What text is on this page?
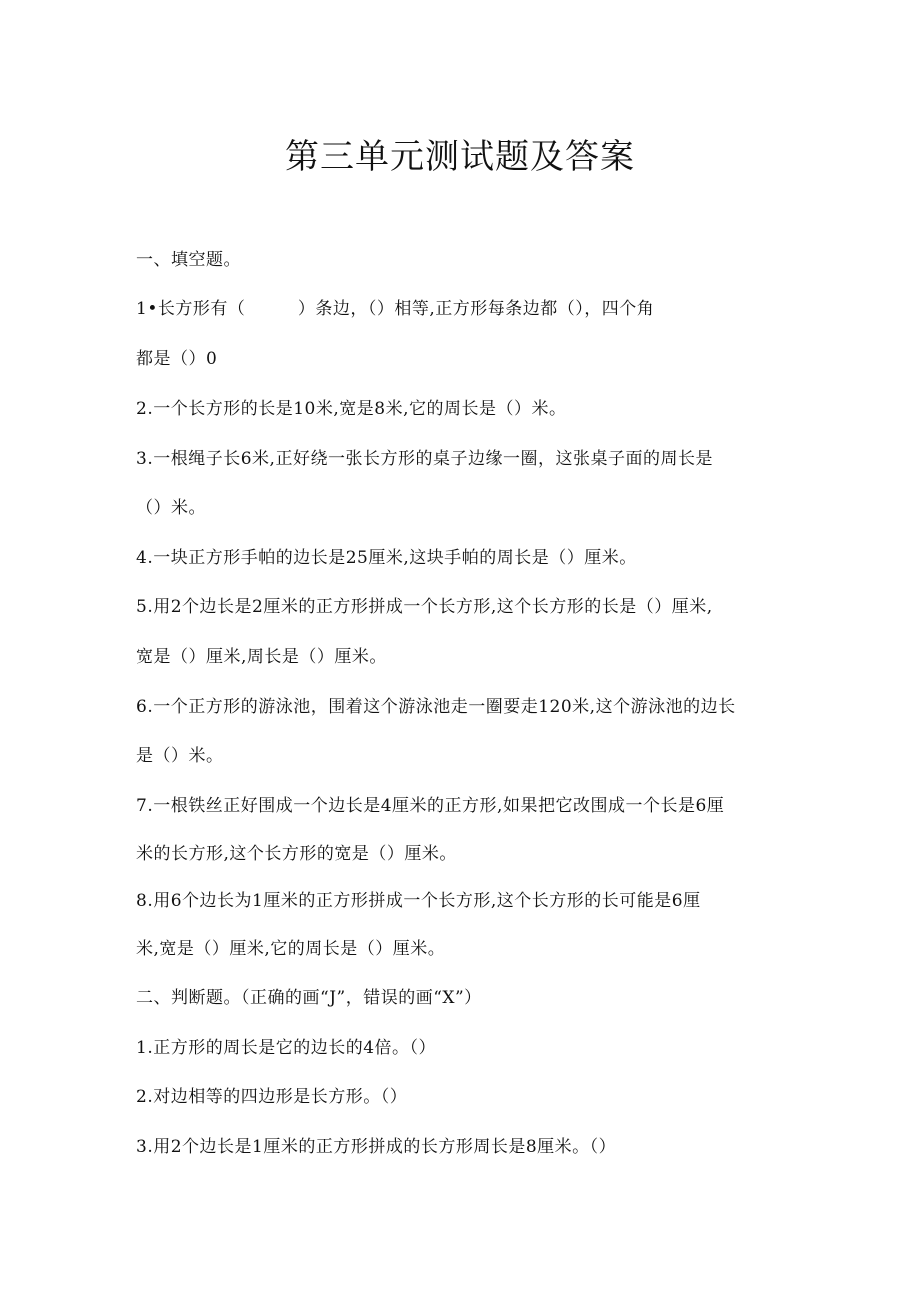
第三单元测试题及答案
一、填空题。
1•长方形有（　　　）条边，（）相等,正方形每条边都（），四个角
都是（）0
2.一个长方形的长是10米,宽是8米,它的周长是（）米。
3.一根绳子长6米,正好绕一张长方形的桌子边缘一圈，这张桌子面的周长是
（）米。
4.一块正方形手帕的边长是25厘米,这块手帕的周长是（）厘米。
5.用2个边长是2厘米的正方形拼成一个长方形,这个长方形的长是（）厘米,
宽是（）厘米,周长是（）厘米。
6.一个正方形的游泳池，围着这个游泳池走一圈要走120米,这个游泳池的边长
是（）米。
7.一根铁丝正好围成一个边长是4厘米的正方形,如果把它改围成一个长是6厘
米的长方形,这个长方形的宽是（）厘米。
8.用6个边长为1厘米的正方形拼成一个长方形,这个长方形的长可能是6厘
米,宽是（）厘米,它的周长是（）厘米。
二、判断题。（正确的画“J”，错误的画“X”）
1.正方形的周长是它的边长的4倍。（）
2.对边相等的四边形是长方形。（）
3.用2个边长是1厘米的正方形拼成的长方形周长是8厘米。（）
